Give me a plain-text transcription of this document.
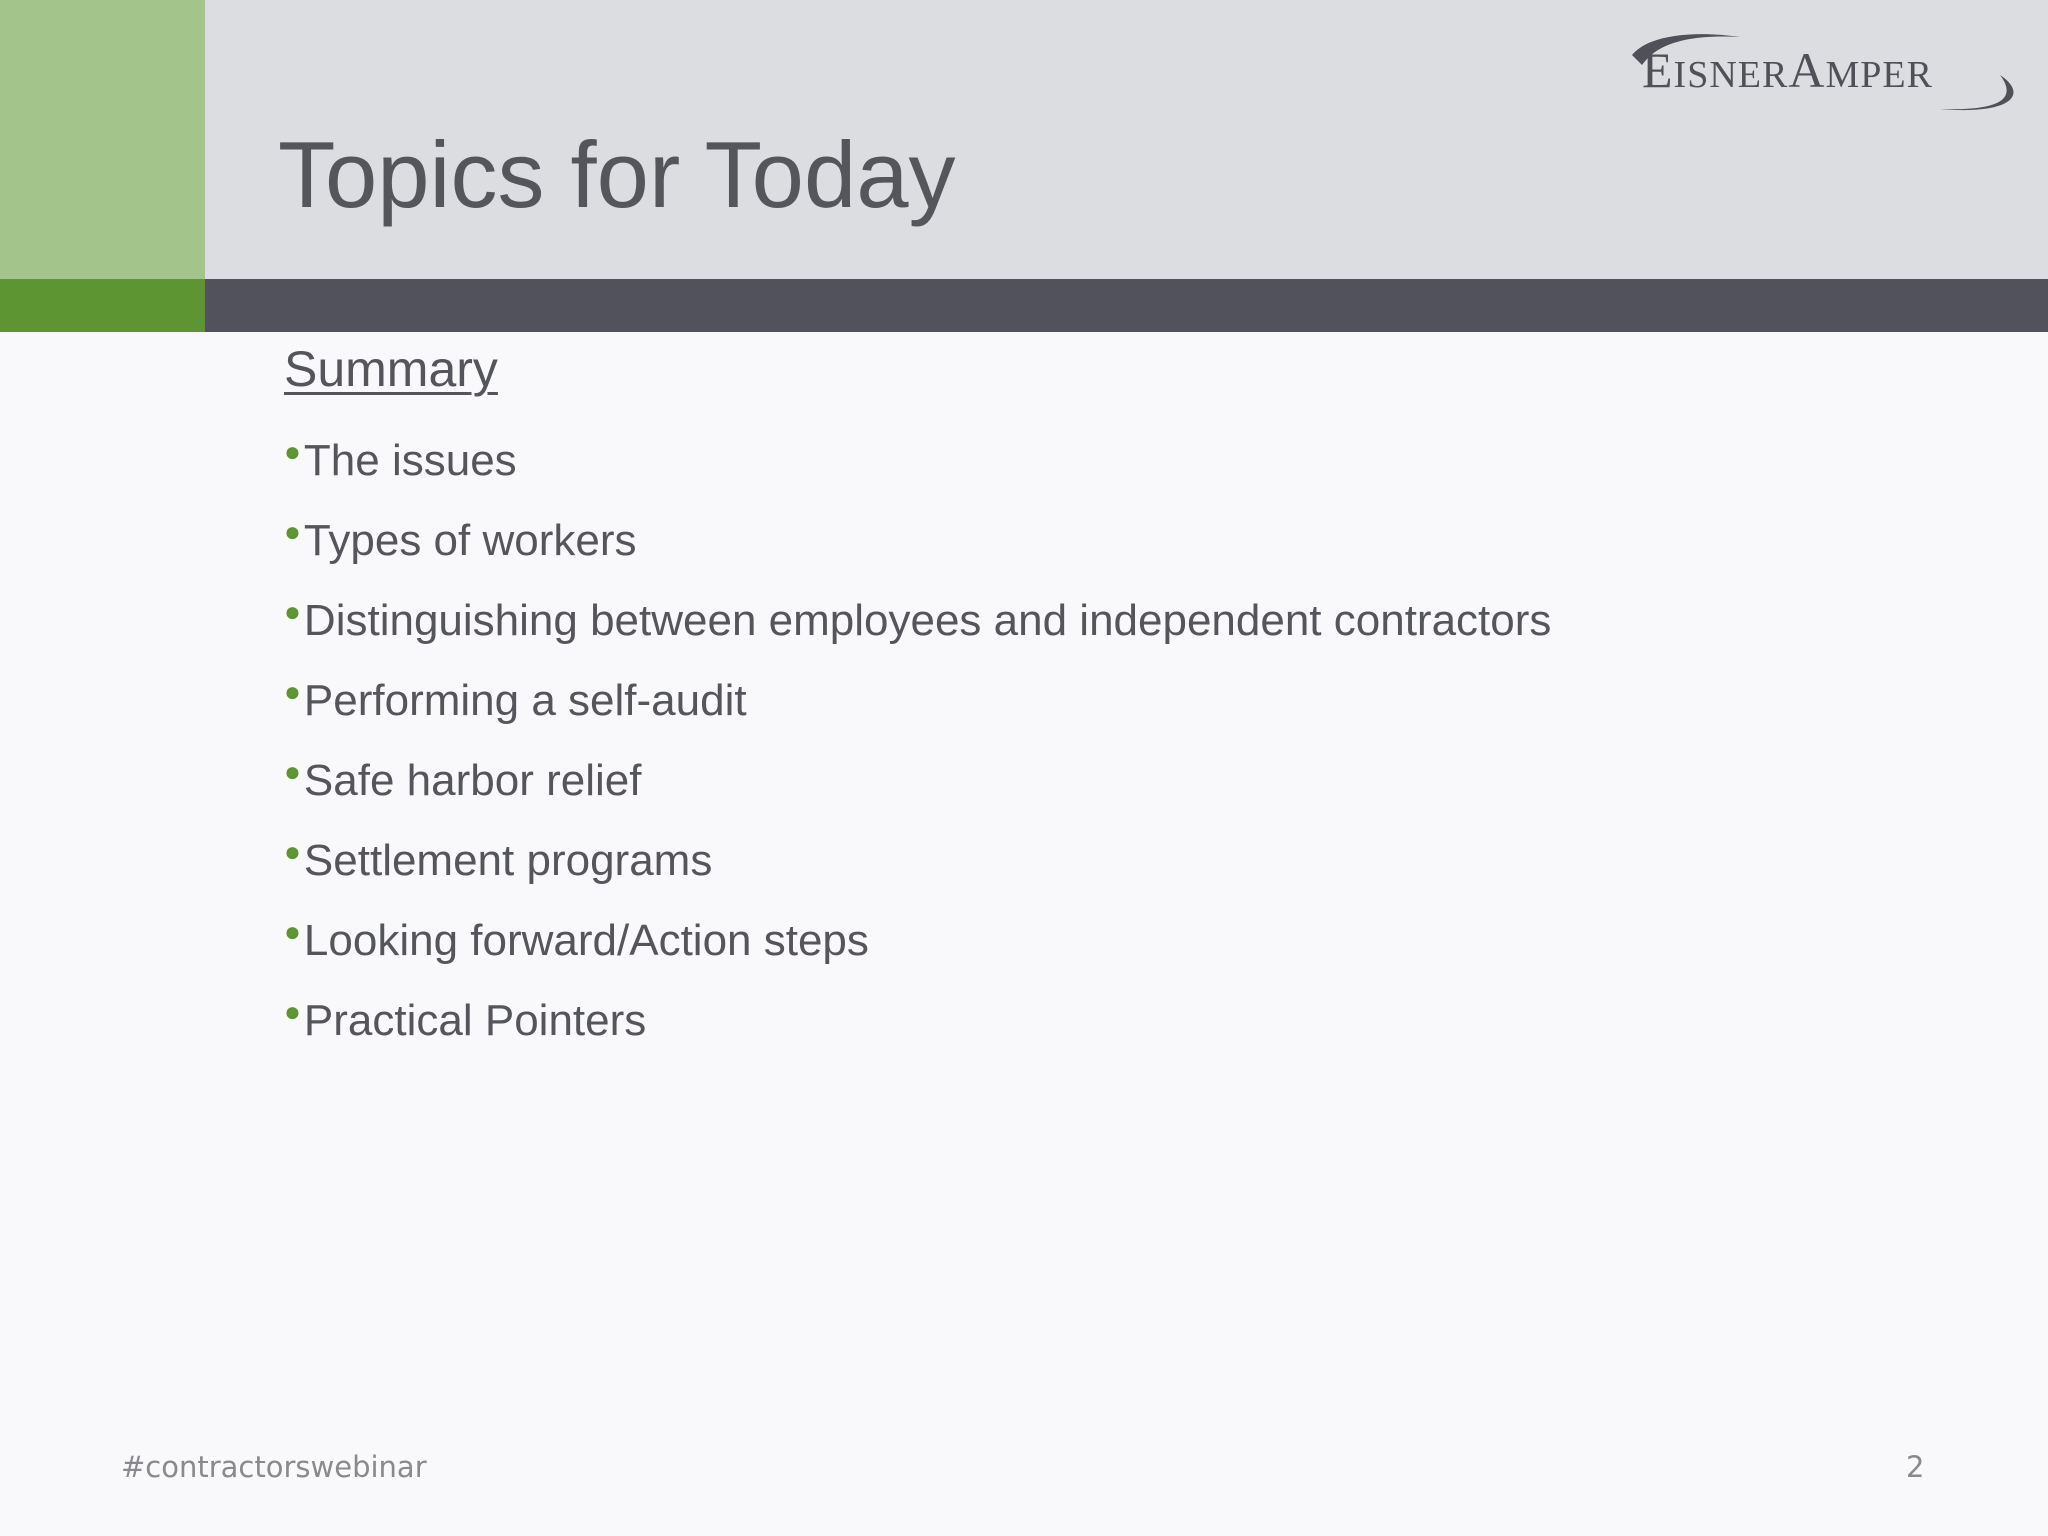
Topics for Today
EISNERAMPER
Summary
●The issues
●Types of workers
●Distinguishing between employees and independent contractors
●Performing a self-audit
●Safe harbor relief
●Settlement programs
●Looking forward/Action steps
●Practical Pointers
#contractorswebinar	2
